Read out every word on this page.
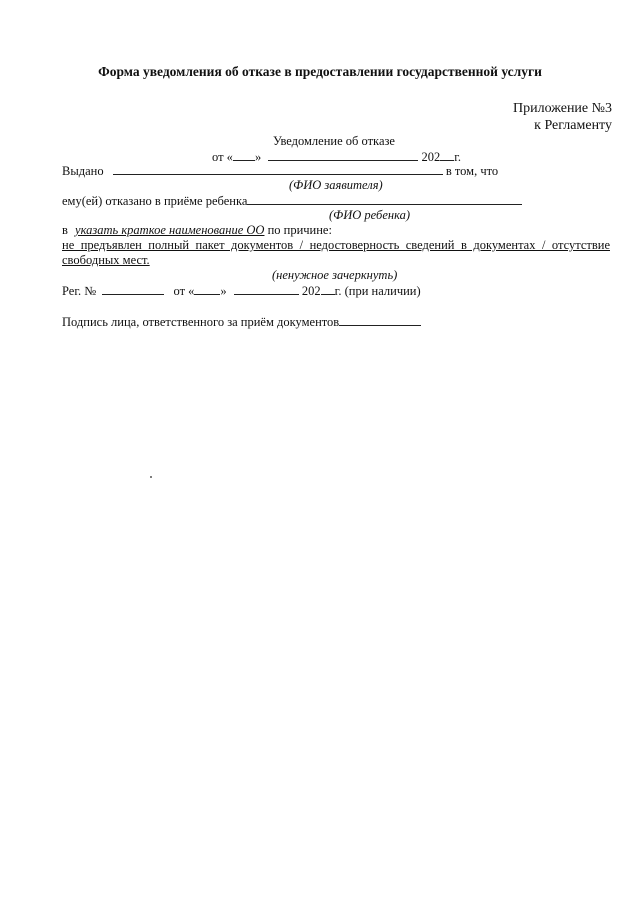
Форма уведомления об отказе в предоставлении государственной услуги
Приложение №3
к Регламенту
Уведомление об отказе
от « »	202 г.
Выдано	в том, что
(ФИО заявителя)
ему(ей) отказано в приёме ребенка
(ФИО ребенка)
в указать краткое наименование ОО по причине:
не предъявлен полный пакет документов / недостоверность сведений в документах / отсутствие свободных мест.
(ненужное зачеркнуть)
Рег. №	от « »	202 г. (при наличии)
Подпись лица, ответственного за приём документов
